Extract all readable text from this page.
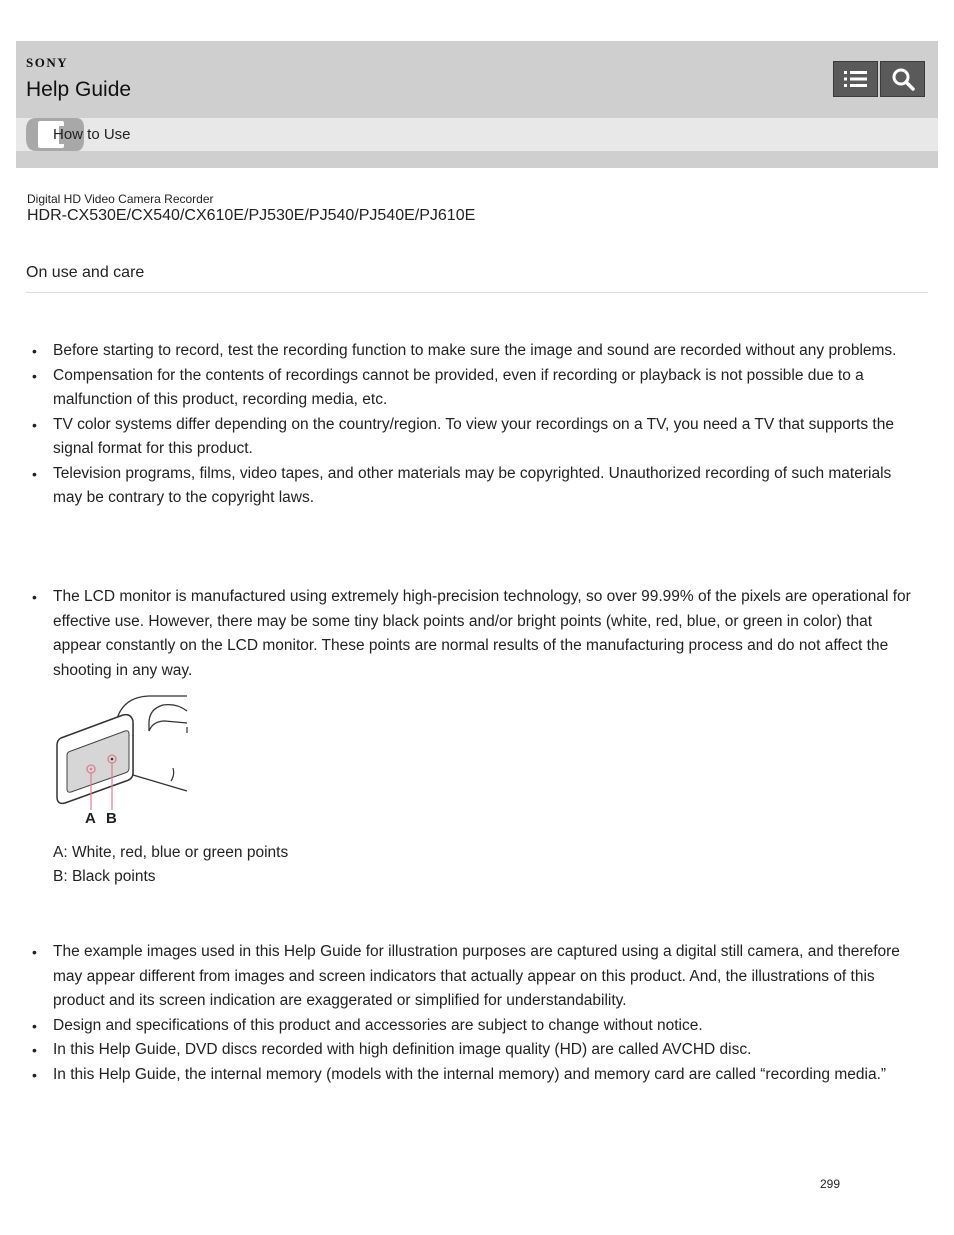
SONY
Help Guide
How to Use
Digital HD Video Camera Recorder
HDR-CX530E/CX540/CX610E/PJ530E/PJ540/PJ540E/PJ610E
On use and care
• Before starting to record, test the recording function to make sure the image and sound are recorded without any problems.
• Compensation for the contents of recordings cannot be provided, even if recording or playback is not possible due to a malfunction of this product, recording media, etc.
• TV color systems differ depending on the country/region. To view your recordings on a TV, you need a TV that supports the signal format for this product.
• Television programs, films, video tapes, and other materials may be copyrighted. Unauthorized recording of such materials may be contrary to the copyright laws.
• The LCD monitor is manufactured using extremely high-precision technology, so over 99.99% of the pixels are operational for effective use. However, there may be some tiny black points and/or bright points (white, red, blue, or green in color) that appear constantly on the LCD monitor. These points are normal results of the manufacturing process and do not affect the shooting in any way.
A B
A: White, red, blue or green points
B: Black points
• The example images used in this Help Guide for illustration purposes are captured using a digital still camera, and therefore may appear different from images and screen indicators that actually appear on this product. And, the illustrations of this product and its screen indication are exaggerated or simplified for understandability.
• Design and specifications of this product and accessories are subject to change without notice.
• In this Help Guide, DVD discs recorded with high definition image quality (HD) are called AVCHD disc.
• In this Help Guide, the internal memory (models with the internal memory) and memory card are called “recording media.”
299
